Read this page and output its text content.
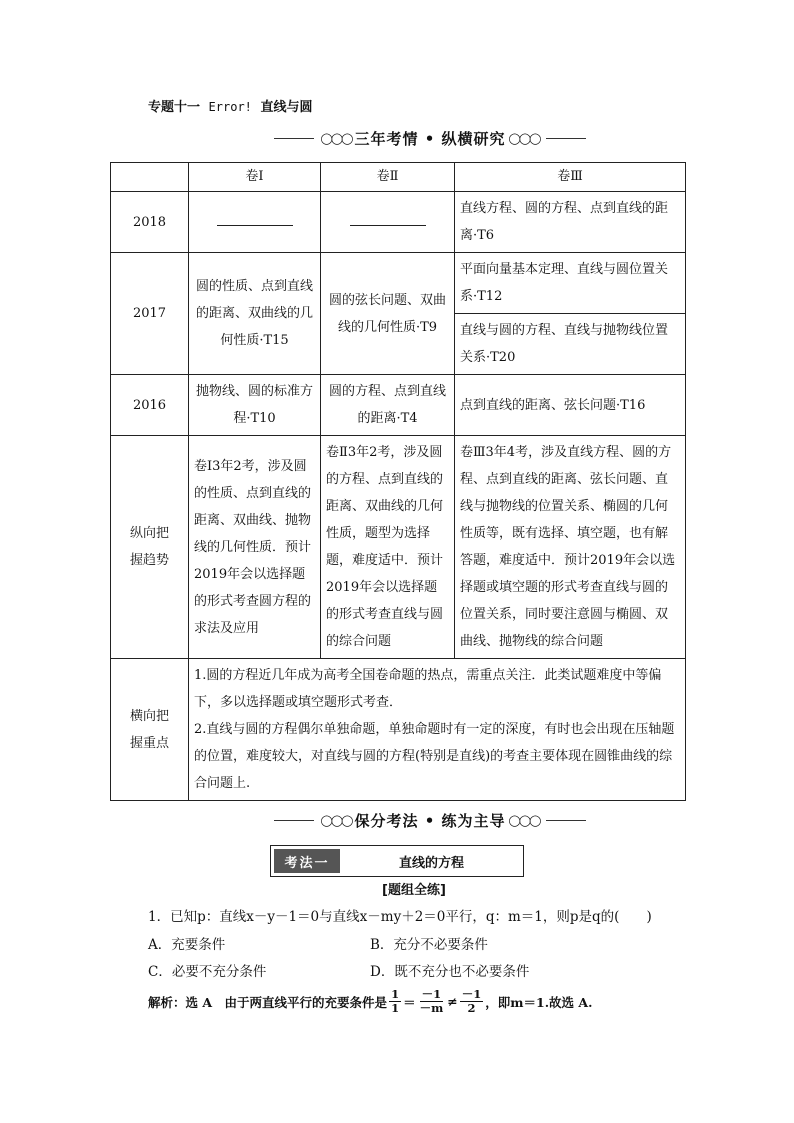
专题十一 Error! 直线与圆
◯◯◯ 三年考情 • 纵横研究 ◯◯◯
	卷Ⅰ	卷Ⅱ	卷Ⅲ
2018			直线方程、圆的方程、点到直线的距离·T6
2017	圆的性质、点到直线的距离、双曲线的几何性质·T15	圆的弦长问题、双曲线的几何性质·T9	平面向量基本定理、直线与圆位置关系·T12
			直线与圆的方程、直线与抛物线位置关系·T20
2016	抛物线、圆的标准方程·T10	圆的方程、点到直线的距离·T4	点到直线的距离、弦长问题·T16
纵向把握趋势	卷Ⅰ3年2考，涉及圆的性质、点到直线的距离、双曲线、抛物线的几何性质．预计2019年会以选择题的形式考查圆方程的求法及应用	卷Ⅱ3年2考，涉及圆的方程、点到直线的距离、双曲线的几何性质，题型为选择题，难度适中．预计2019年会以选择题的形式考查直线与圆的综合问题	卷Ⅲ3年4考，涉及直线方程、圆的方程、点到直线的距离、弦长问题、直线与抛物线的位置关系、椭圆的几何性质等，既有选择、填空题，也有解答题，难度适中．预计2019年会以选择题或填空题的形式考查直线与圆的位置关系，同时要注意圆与椭圆、双曲线、抛物线的综合问题
横向把握重点	1.圆的方程近几年成为高考全国卷命题的热点，需重点关注．此类试题难度中等偏下，多以选择题或填空题形式考查．
2.直线与圆的方程偶尔单独命题，单独命题时有一定的深度，有时也会出现在压轴题的位置，难度较大，对直线与圆的方程(特别是直线)的考查主要体现在圆锥曲线的综合问题上.		
◯◯◯ 保分考法 • 练为主导 ◯◯◯
考法一	直线的方程
[题组全练]
1．已知p：直线x－y－1＝0与直线x－my＋2＝0平行，q：m＝1，则p是q的(　　)
A．充要条件	B．充分不必要条件
C．必要不充分条件	D．既不充分也不必要条件
解析：选 A　由于两直线平行的充要条件是 $\frac{1}{1} = \frac{-1}{-m} \ne \frac{-1}{2}$ ，即m＝1.故选 A.
